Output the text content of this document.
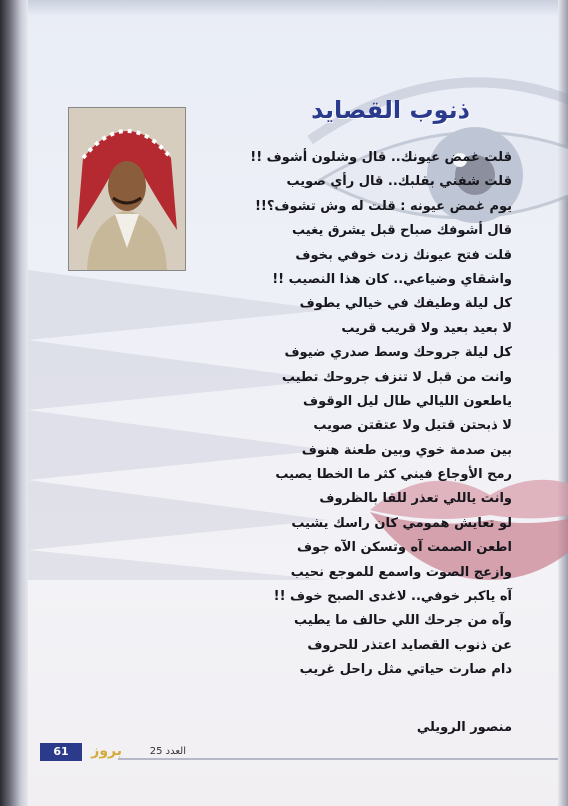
ذنوب القصايد
قلت غمض عيونك.. قال وشلون أشوف !!
قلت شفني بقلبك.. قال رأي صويب
يوم غمض عيونه : قلت له وش تشوف؟!!
قال أشوفك صباح قبل يشرق يغيب
قلت فتح عيونك زدت خوفي بخوف
واشقاي وضياعي.. كان هذا النصيب !!
كل ليلة وطيفك في خيالي يطوف
لا بعيد بعيد ولا قريب قريب
كل ليلة جروحك وسط صدري ضيوف
وانت من قبل لا تنزف جروحك تطيب
ياطعون الليالي طال ليل الوقوف
لا ذبحتن قتيل ولا عتقتن صويب
بين صدمة خوي وبين طعنة هنوف
رمح الأوجاع فيني كثر ما الخطا يصيب
وانت ياللي تعذر للقا بالظروف
لو تعايش همومي كان راسك يشيب
اطعن الصمت آه وتسكن الآه جوف
وازعج الصوت واسمع للموجع نحيب
آه ياكبر خوفي.. لاغدى الصبح خوف !!
وآه من جرحك اللي حالف ما يطيب
عن ذنوب القصايد اعتذر للحروف
دام صارت حياتي مثل راحل غريب
منصور الرويلي
61	بروز	العدد 25
